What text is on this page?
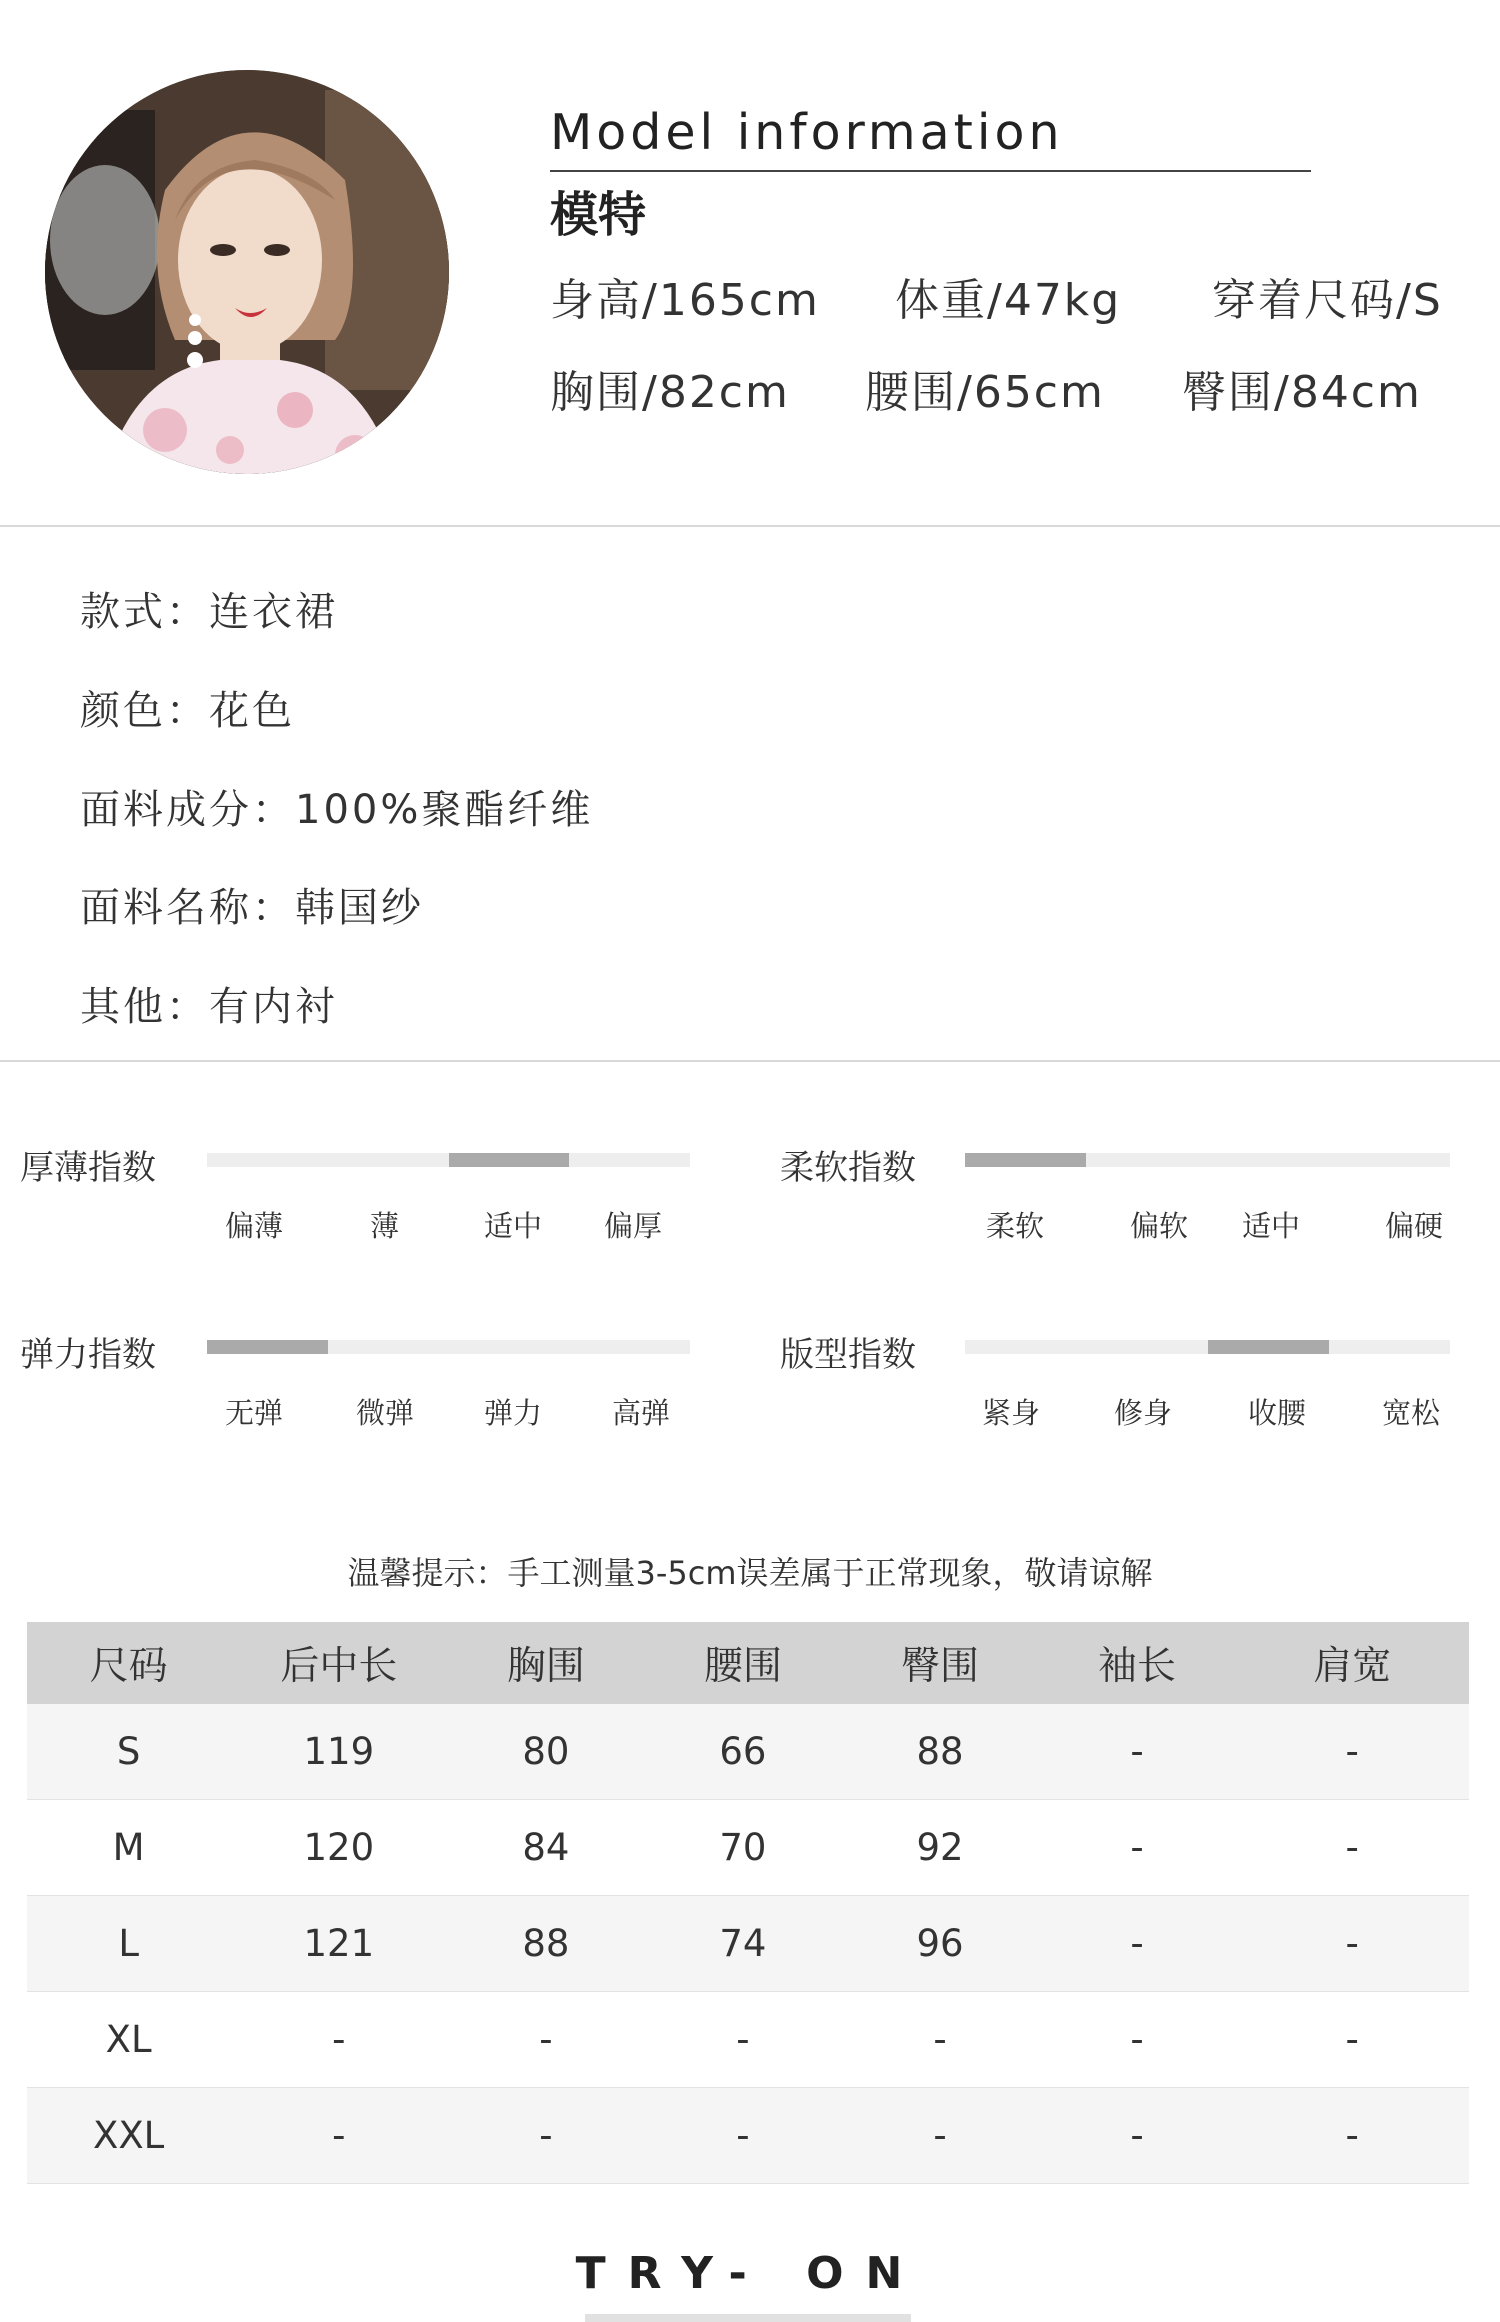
Model information
模特
身高/165cm 体重/47kg 穿着尺码/S
胸围/82cm 腰围/65cm 臀围/84cm
款式：连衣裙
颜色：花色
面料成分：100%聚酯纤维
面料名称：韩国纱
其他：有内衬
厚薄指数
偏薄	薄	适中 偏厚
柔软指数
柔软	偏软 适中	偏硬
弹力指数
无弹	微弹 弹力 高弹
版型指数
紧身	修身	收腰	宽松
温馨提示：手工测量3-5cm误差属于正常现象，敬请谅解
尺码	后中长	胸围	腰围	臀围	袖长	肩宽
S	119	80	66	88	-	-
M	120	84	70	92	-	-
L	121	88	74	96	-	-
XL	-	-	-	-	-	-
XXL	-	-	-	-	-	-
TRY- ON
